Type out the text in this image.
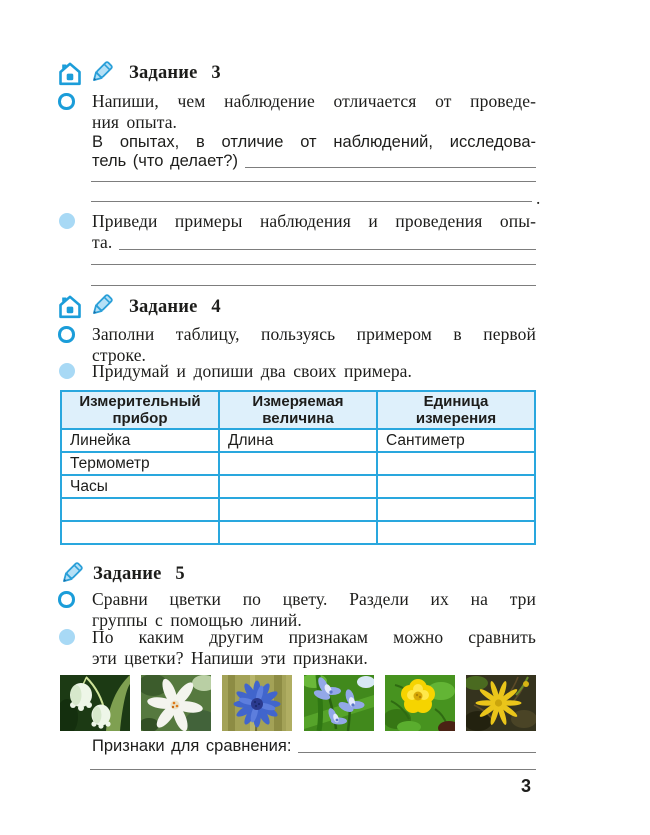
Задание 3
Напиши, чем наблюдение отличается от проведе-
ния опыта.
В опытах, в отличие от наблюдений, исследова-
тель (что делает?)
.
Приведи примеры наблюдения и проведения опы-
та.
Задание 4
Заполни таблицу, пользуясь примером в первой
строке.
Придумай и допиши два своих примера.
Измерительный прибор	Измеряемая величина	Единица измерения
Линейка	Длина	Сантиметр
Термометр		
Часы		

Задание 5
Сравни цветки по цвету. Раздели их на три
группы с помощью линий.
По каким другим признакам можно сравнить
эти цветки? Напиши эти признаки.
Признаки для сравнения:
3
